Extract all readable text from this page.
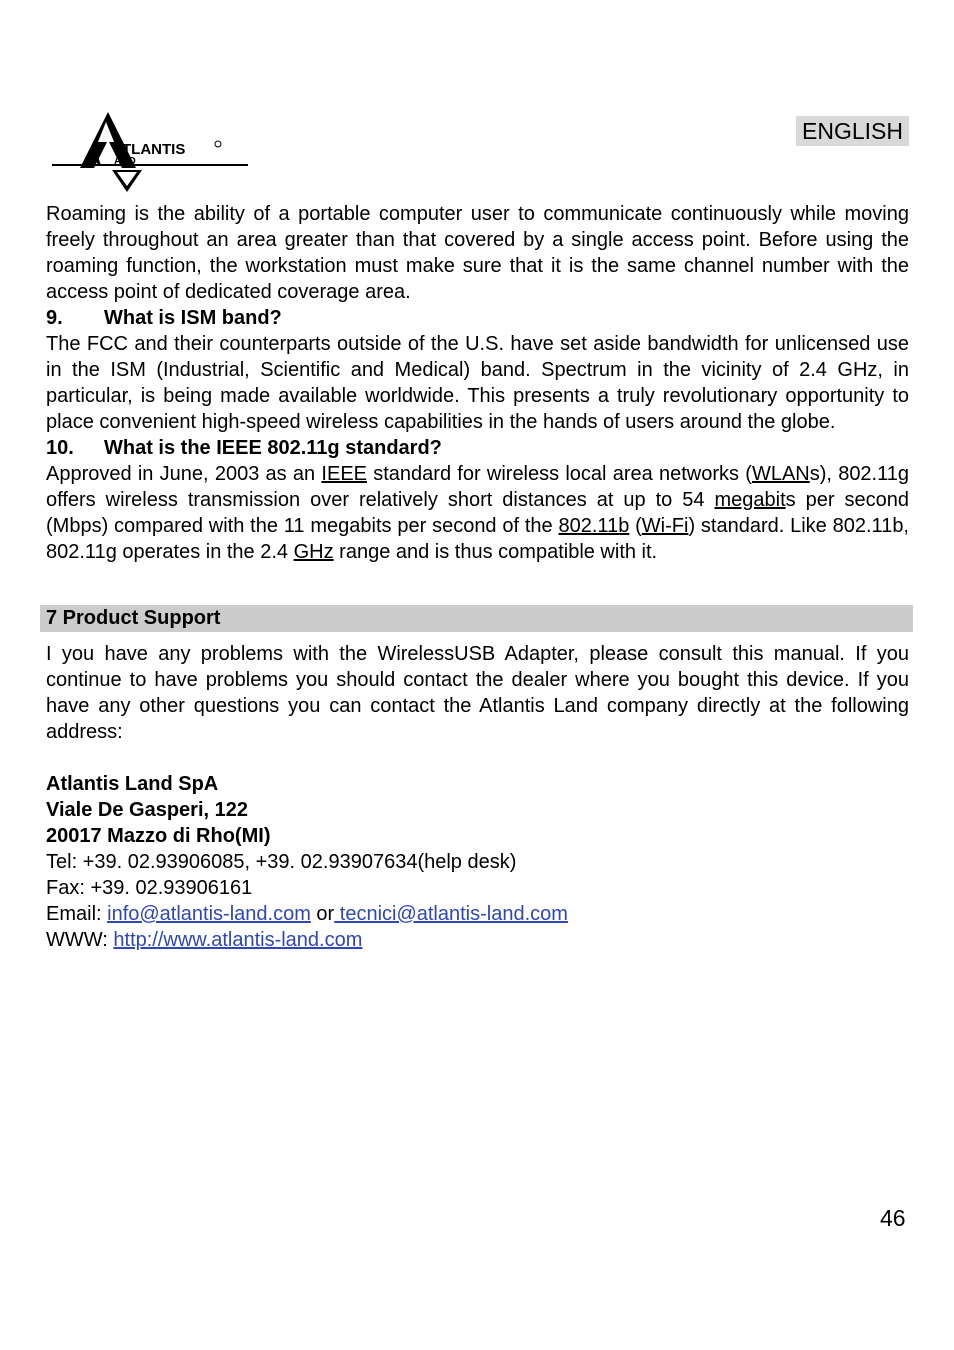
A TLANTIS
AND
ENGLISH

Roaming is the ability of a portable computer user to communicate continuously while moving freely throughout an area greater than that covered by a single access point. Before using the roaming function, the workstation must make sure that it is the same channel number with the access point of dedicated coverage area.

9. What is ISM band?

The FCC and their counterparts outside of the U.S. have set aside bandwidth for unlicensed use in the ISM (Industrial, Scientific and Medical) band. Spectrum in the vicinity of 2.4 GHz, in particular, is being made available worldwide. This presents a truly revolutionary opportunity to place convenient high-speed wireless capabilities in the hands of users around the globe.

10. What is the IEEE 802.11g standard?

Approved in June, 2003 as an IEEE standard for wireless local area networks (WLANs), 802.11g offers wireless transmission over relatively short distances at up to 54 megabits per second (Mbps) compared with the 11 megabits per second of the 802.11b (Wi-Fi) standard. Like 802.11b, 802.11g operates in the 2.4 GHz range and is thus compatible with it.

7 Product Support

I you have any problems with the WirelessUSB Adapter, please consult this manual. If you continue to have problems you should contact the dealer where you bought this device. If you have any other questions you can contact the Atlantis Land company directly at the following address:

Atlantis Land SpA
Viale De Gasperi, 122
20017 Mazzo di Rho(MI)
Tel: +39. 02.93906085, +39. 02.93907634(help desk)
Fax: +39. 02.93906161
Email: info@atlantis-land.com or tecnici@atlantis-land.com
WWW: http://www.atlantis-land.com
46
